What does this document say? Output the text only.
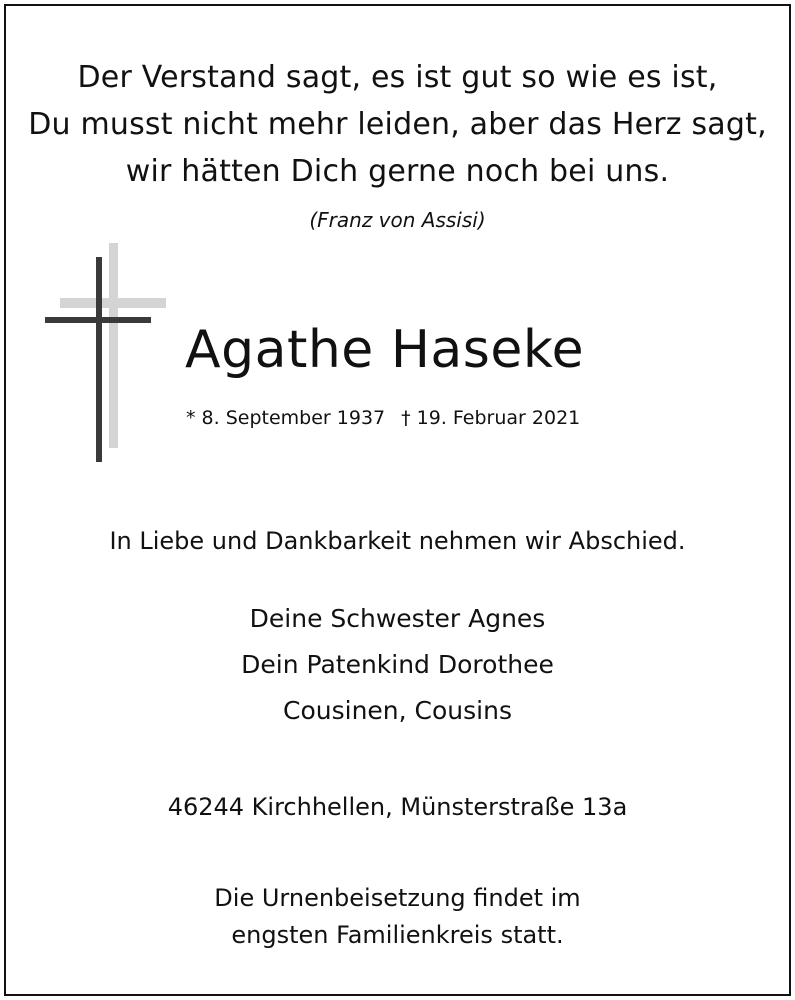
Der Verstand sagt, es ist gut so wie es ist,
Du musst nicht mehr leiden, aber das Herz sagt,
wir hätten Dich gerne noch bei uns.
(Franz von Assisi)
Agathe Haseke
* 8. September 1937 † 19. Februar 2021
In Liebe und Dankbarkeit nehmen wir Abschied.
Deine Schwester Agnes
Dein Patenkind Dorothee
Cousinen, Cousins
46244 Kirchhellen, Münsterstraße 13a
Die Urnenbeisetzung findet im
engsten Familienkreis statt.
